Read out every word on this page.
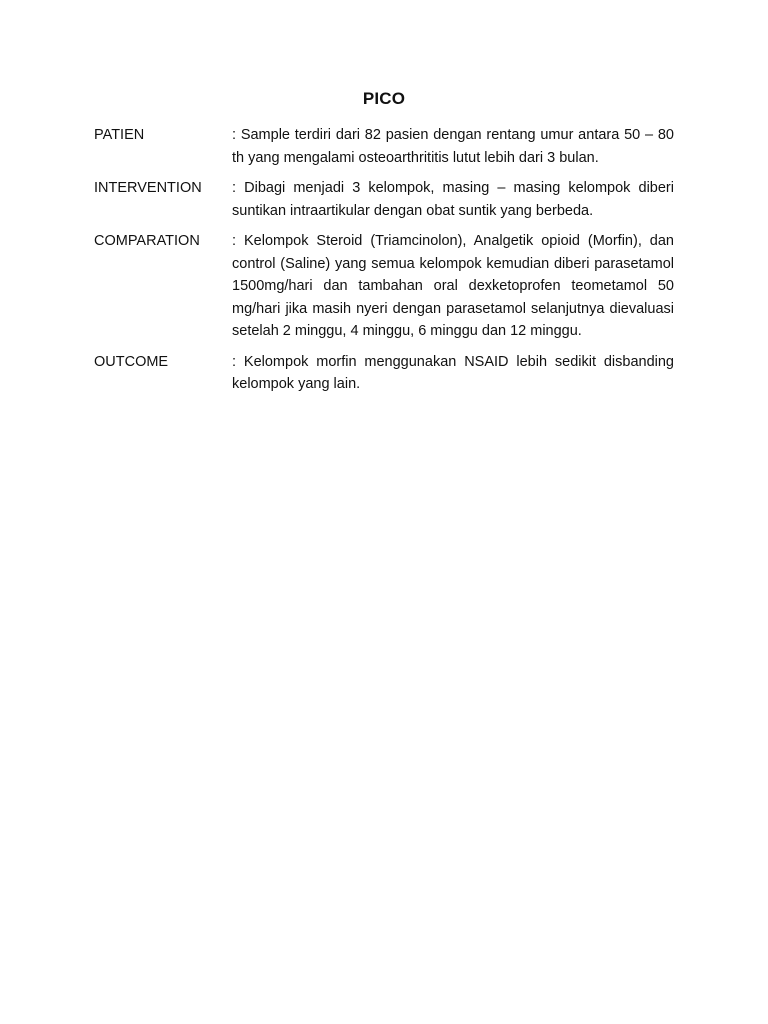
PICO
PATIEN	: Sample terdiri dari 82 pasien dengan rentang umur antara 50 – 80 th yang mengalami osteoarthrititis lutut lebih dari 3 bulan.
INTERVENTION	: Dibagi menjadi 3 kelompok, masing – masing kelompok diberi suntikan intraartikular dengan obat suntik yang berbeda.
COMPARATION	: Kelompok Steroid (Triamcinolon), Analgetik opioid (Morfin), dan control (Saline) yang semua kelompok kemudian diberi parasetamol 1500mg/hari dan tambahan oral dexketoprofen teometamol 50 mg/hari jika masih nyeri dengan parasetamol selanjutnya dievaluasi setelah 2 minggu, 4 minggu, 6 minggu dan 12 minggu.
OUTCOME	: Kelompok morfin menggunakan NSAID lebih sedikit disbanding kelompok yang lain.
